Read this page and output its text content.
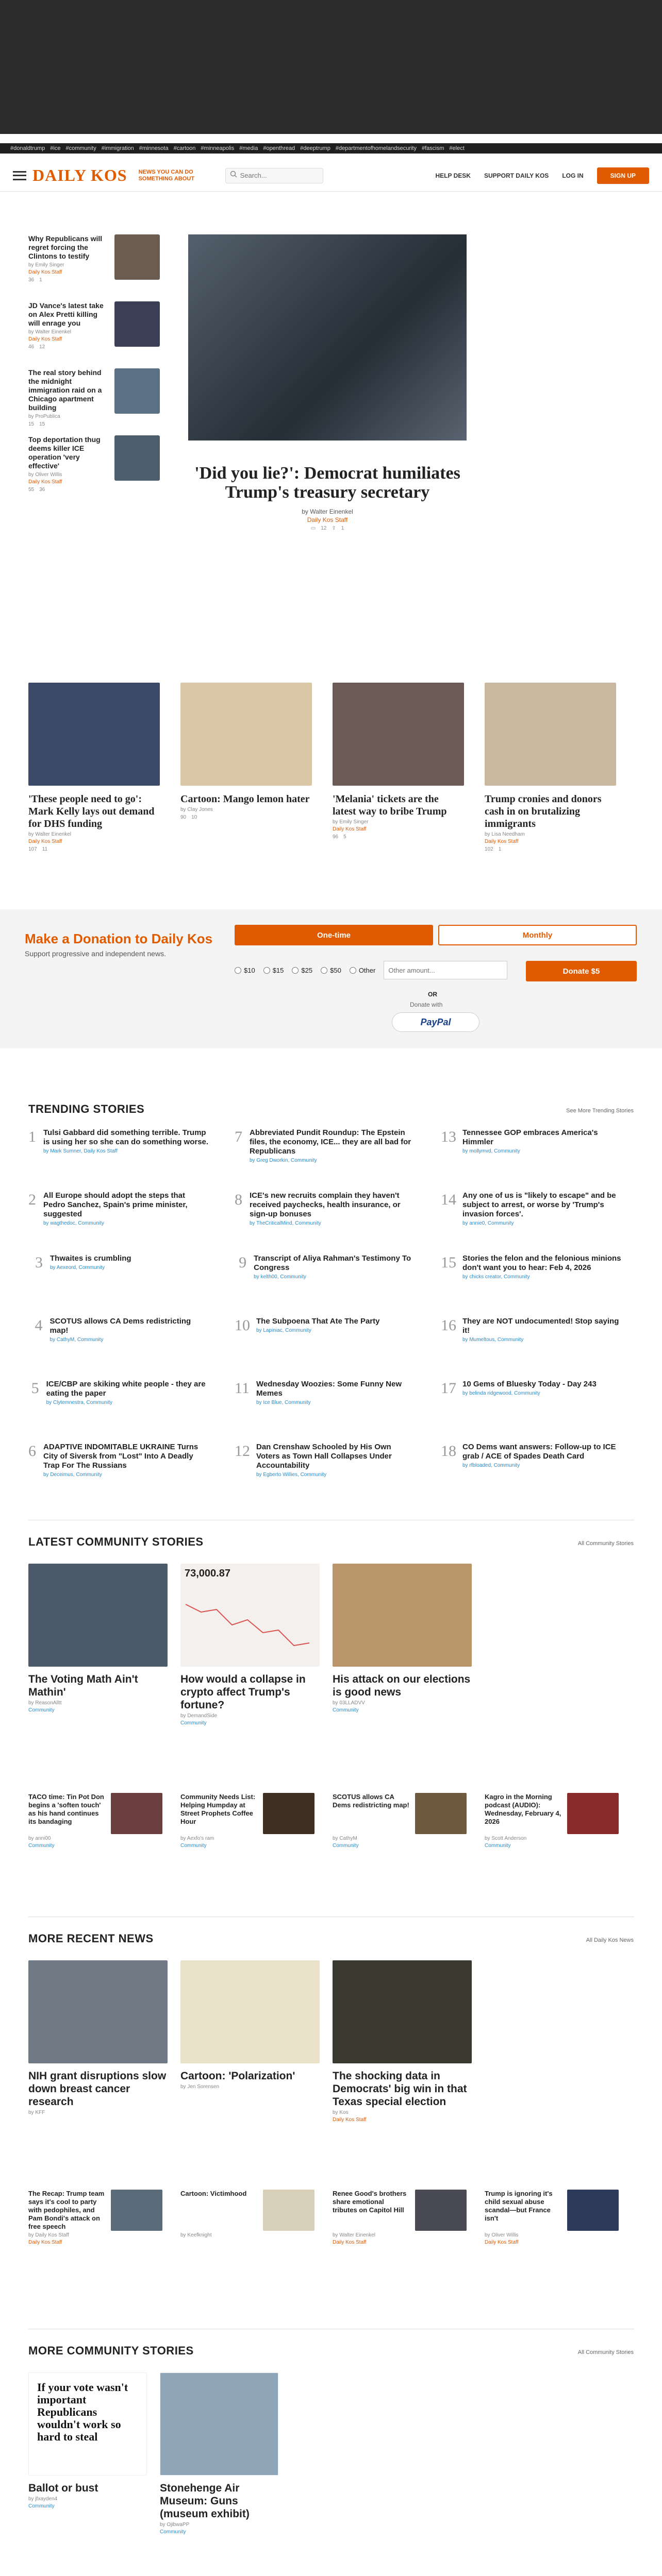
#donaldtrump #ice #community #immigration #minnesota #cartoon #minneapolis #media #openthread #deeptrump #departmentofhomelandsecurity #fascism #elect
DAILY KOS NEWS YOU CAN DO SOMETHING ABOUT
Search...	HELP DESK SUPPORT DAILY KOS LOG IN	SIGN UP
Why Republicans will regret forcing the Clintons to testify
by Emily Singer
Daily Kos Staff
36 1
JD Vance's latest take on Alex Pretti killing will enrage you
by Walter Einenkel
Daily Kos Staff
46 12
The real story behind the midnight immigration raid on a Chicago apartment building
by ProPublica
15 15
Top deportation thug deems killer ICE operation 'very effective'
by Oliver Willis
Daily Kos Staff
55 36
'Did you lie?': Democrat humiliates Trump's treasury secretary
by Walter Einenkel
Daily Kos Staff
▭ 12 ⇪ 1
'These people need to go': Mark Kelly lays out demand for DHS funding
by Walter Einenkel
Daily Kos Staff
107 11
Cartoon: Mango lemon hater
by Clay Jones
90 10
'Melania' tickets are the latest way to bribe Trump
by Emily Singer
Daily Kos Staff
96 5
Trump cronies and donors cash in on brutalizing immigrants
by Lisa Needham
Daily Kos Staff
102 1
Make a Donation to Daily Kos
Support progressive and independent news.
One-time	Monthly
$10	$15	$25	$50	Other
Other amount...	Donate $5
OR
Donate with
PayPal
TRENDING STORIES	See More Trending Stories
1 Tulsi Gabbard did something terrible. Trump is using her so she can do something worse.
by Mark Sumner, Daily Kos Staff
2 All Europe should adopt the steps that Pedro Sanchez, Spain's prime minister, suggested
by wagthedoc, Community
3 Thwaites is crumbling
by Aexeord, Community
4 SCOTUS allows CA Dems redistricting map!
by CathyM, Community
5 ICE/CBP are skiking white people - they are eating the paper
by Clytemnestra, Community
6 ADAPTIVE INDOMITABLE UKRAINE Turns City of Siversk from "Lost" Into A Deadly Trap For The Russians
by Deceimus, Community
7 Abbreviated Pundit Roundup: The Epstein files, the economy, ICE... they are all bad for Republicans
by Greg Dworkin, Community
8 ICE's new recruits complain they haven't received paychecks, health insurance, or sign-up bonuses
by TheCriticalMind, Community
9 Transcript of Aliya Rahman's Testimony To Congress
by kelth00, Community
10 The Subpoena That Ate The Party
by Lapiniac, Community
11 Wednesday Woozies: Some Funny New Memes
by Ice Blue, Community
12 Dan Crenshaw Schooled by His Own Voters as Town Hall Collapses Under Accountability
by Egberto Willies, Community
13 Tennessee GOP embraces America's Himmler
by mollymvd, Community
14 Any one of us is "likely to escape" and be subject to arrest, or worse by 'Trump's invasion forces'.
by annie0, Community
15 Stories the felon and the felonious minions don't want you to hear: Feb 4, 2026
by chicks creator, Community
16 They are NOT undocumented! Stop saying it!
by Mumeltous, Community
17 10 Gems of Bluesky Today - Day 243
by belinda ridgewood, Community
18 CO Dems want answers: Follow-up to ICE grab / ACE of Spades Death Card
by rfbloaded, Community
LATEST COMMUNITY STORIES	All Community Stories
The Voting Math Ain't Mathin'
by ReasonAlltt
Community
73,000.87
How would a collapse in crypto affect Trump's fortune?
by DemandSide
Community
His attack on our elections is good news
by 03LLADVV
Community
TACO time: Tin Pot Don begins a 'soften touch' as his hand continues its bandaging
by anni00
Community
Community Needs List: Helping Humpday at Street Prophets Coffee Hour
by Aexfo's ram
Community
SCOTUS allows CA Dems redistricting map!
by CathyM
Community
Kagro in the Morning podcast (AUDIO): Wednesday, February 4, 2026
by Scott Anderson
Community
MORE RECENT NEWS	All Daily Kos News
NIH grant disruptions slow down breast cancer research
by KFF
Cartoon: 'Polarization'
by Jen Sorensen
The shocking data in Democrats' big win in that Texas special election
by Kos
Daily Kos Staff
The Recap: Trump team says it's cool to party with pedophiles, and Pam Bondi's attack on free speech
by Daily Kos Staff
Daily Kos Staff
Cartoon: Victimhood
by Keefknight
Renee Good's brothers share emotional tributes on Capitol Hill
by Walter Einenkel
Daily Kos Staff
Trump is ignoring it's child sexual abuse scandal—but France isn't
by Oliver Willis
Daily Kos Staff
MORE COMMUNITY STORIES	All Community Stories
If your vote wasn't important Republicans wouldn't work so hard to steal
Ballot or bust
by jfxayden4
Community
Stonehenge Air Museum: Guns (museum exhibit)
by OjibwaPP
Community
